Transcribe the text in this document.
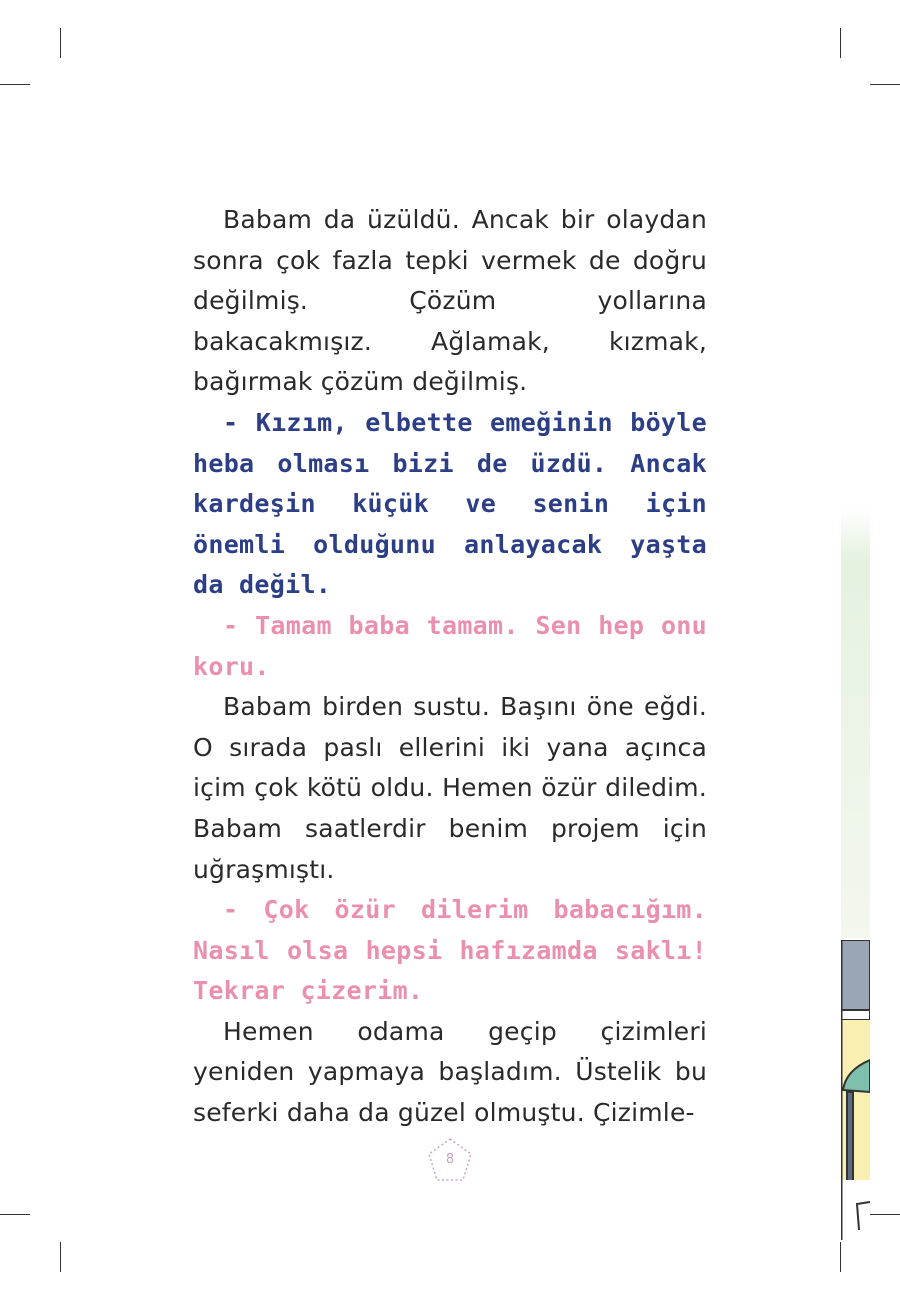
Babam da üzüldü. Ancak bir olaydan sonra çok fazla tepki vermek de doğru değilmiş. Çözüm yollarına bakacakmışız. Ağlamak, kızmak, bağırmak çözüm değilmiş.

- Kızım, elbette emeğinin böyle heba olması bizi de üzdü. Ancak kardeşin küçük ve senin için önemli olduğunu anlayacak yaşta da değil.

- Tamam baba tamam. Sen hep onu koru.

Babam birden sustu. Başını öne eğdi. O sırada paslı ellerini iki yana açınca içim çok kötü oldu. Hemen özür diledim. Babam saatlerdir benim projem için uğraşmıştı.

- Çok özür dilerim babacığım. Nasıl olsa hepsi hafızamda saklı! Tekrar çizerim.

Hemen odama geçip çizimleri yeniden yapmaya başladım. Üstelik bu seferki daha da güzel olmuştu. Çizimle-

8
